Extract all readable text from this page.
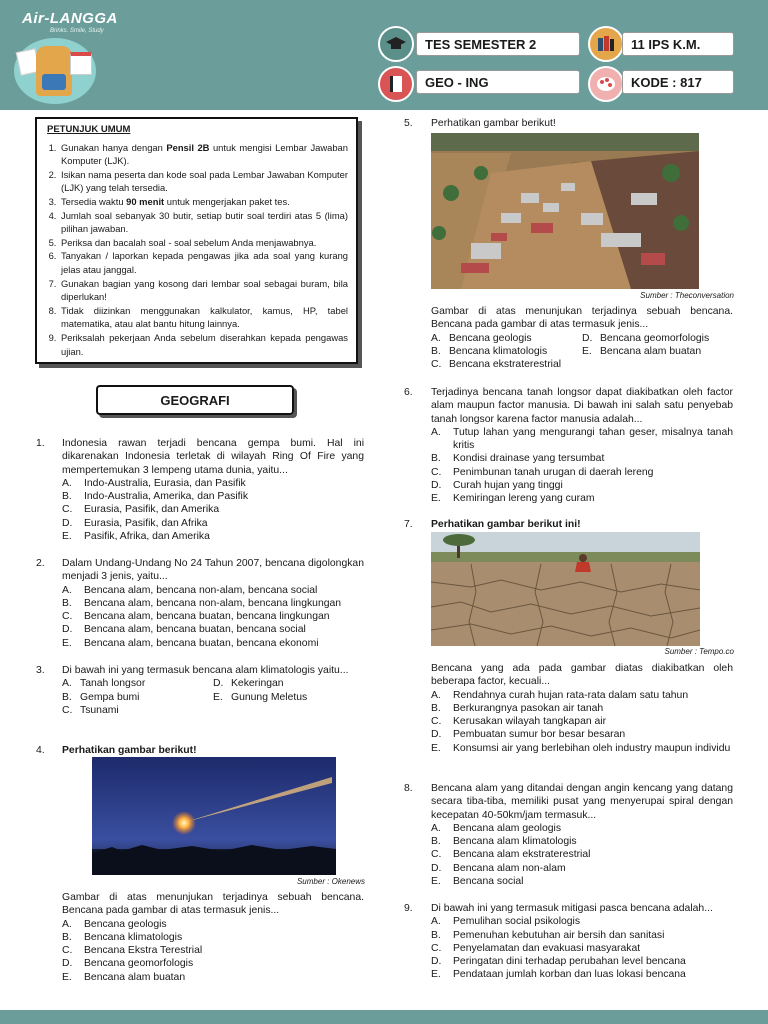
Air-LANGGA
Brinks. Smile, Study
TES SEMESTER 2	11 IPS K.M.
GEO - ING	KODE : 817
PETUNJUK UMUM
1. Gunakan hanya dengan Pensil 2B untuk mengisi Lembar Jawaban Komputer (LJK).
2. Isikan nama peserta dan kode soal pada Lembar Jawaban Komputer (LJK) yang telah tersedia.
3. Tersedia waktu 90 menit untuk mengerjakan paket tes.
4. Jumlah soal sebanyak 30 butir, setiap butir soal terdiri atas 5 (lima) pilihan jawaban.
5. Periksa dan bacalah soal - soal sebelum Anda menjawabnya.
6. Tanyakan / laporkan kepada pengawas jika ada soal yang kurang jelas atau janggal.
7. Gunakan bagian yang kosong dari lembar soal sebagai buram, bila diperlukan!
8. Tidak diizinkan menggunakan kalkulator, kamus, HP, tabel matematika, atau alat bantu hitung lainnya.
9. Periksalah pekerjaan Anda sebelum diserahkan kepada pengawas ujian.
GEOGRAFI
1. Indonesia rawan terjadi bencana gempa bumi. Hal ini dikarenakan Indonesia terletak di wilayah Ring Of Fire yang mempertemukan 3 lempeng utama dunia, yaitu...
A.	Indo-Australia, Eurasia, dan Pasifik
B.	Indo-Australia, Amerika, dan Pasifik
C.	Eurasia, Pasifik, dan Amerika
D.	Eurasia, Pasifik, dan Afrika
E.	Pasifik, Afrika, dan Amerika
2. Dalam Undang-Undang No 24 Tahun 2007, bencana digolongkan menjadi 3 jenis, yaitu...
A.	Bencana alam, bencana non-alam, bencana social
B.	Bencana alam, bencana non-alam, bencana lingkungan
C.	Bencana alam, bencana buatan, bencana lingkungan
D.	Bencana alam, bencana buatan, bencana social
E.	Bencana alam, bencana buatan, bencana ekonomi
3. Di bawah ini yang termasuk bencana alam klimatologis yaitu...
A. Tanah longsor
B. Gempa bumi
C. Tsunami
D. Kekeringan
E. Gunung Meletus
4. Perhatikan gambar berikut!
Sumber : Okenews
Gambar di atas menunjukan terjadinya sebuah bencana. Bencana pada gambar di atas termasuk jenis...
A.	Bencana geologis
B.	Bencana klimatologis
C.	Bencana Ekstra Terestrial
D.	Bencana geomorfologis
E.	Bencana alam buatan
5. Perhatikan gambar berikut!
Sumber : Theconversation
Gambar di atas menunjukan terjadinya sebuah bencana. Bencana pada gambar di atas termasuk jenis...
A. Bencana geologis
B. Bencana klimatologis
C. Bencana ekstraterestrial
D. Bencana geomorfologis
E. Bencana alam buatan
6. Terjadinya bencana tanah longsor dapat diakibatkan oleh factor alam maupun factor manusia. Di bawah ini salah satu penyebab tanah longsor karena factor manusia adalah...
A.	Tutup lahan yang mengurangi tahan geser, misalnya tanah kritis
B.	Kondisi drainase yang tersumbat
C.	Penimbunan tanah urugan di daerah lereng
D.	Curah hujan yang tinggi
E.	Kemiringan lereng yang curam
7. Perhatikan gambar berikut ini!
Sumber : Tempo.co
Bencana yang ada pada gambar diatas diakibatkan oleh beberapa factor, kecuali...
A.	Rendahnya curah hujan rata-rata dalam satu tahun
B.	Berkurangnya pasokan air tanah
C.	Kerusakan wilayah tangkapan air
D.	Pembuatan sumur bor besar besaran
E.	Konsumsi air yang berlebihan oleh industry maupun individu
8. Bencana alam yang ditandai dengan angin kencang yang datang secara tiba-tiba, memiliki pusat yang menyerupai spiral dengan kecepatan 40-50km/jam termasuk...
A.	Bencana alam geologis
B.	Bencana alam klimatologis
C.	Bencana alam ekstraterestrial
D.	Bencana alam non-alam
E.	Bencana social
9. Di bawah ini yang termasuk mitigasi pasca bencana adalah...
A.	Pemulihan social psikologis
B.	Pemenuhan kebutuhan air bersih dan sanitasi
C.	Penyelamatan dan evakuasi masyarakat
D.	Peringatan dini terhadap perubahan level bencana
E.	Pendataan jumlah korban dan luas lokasi bencana
